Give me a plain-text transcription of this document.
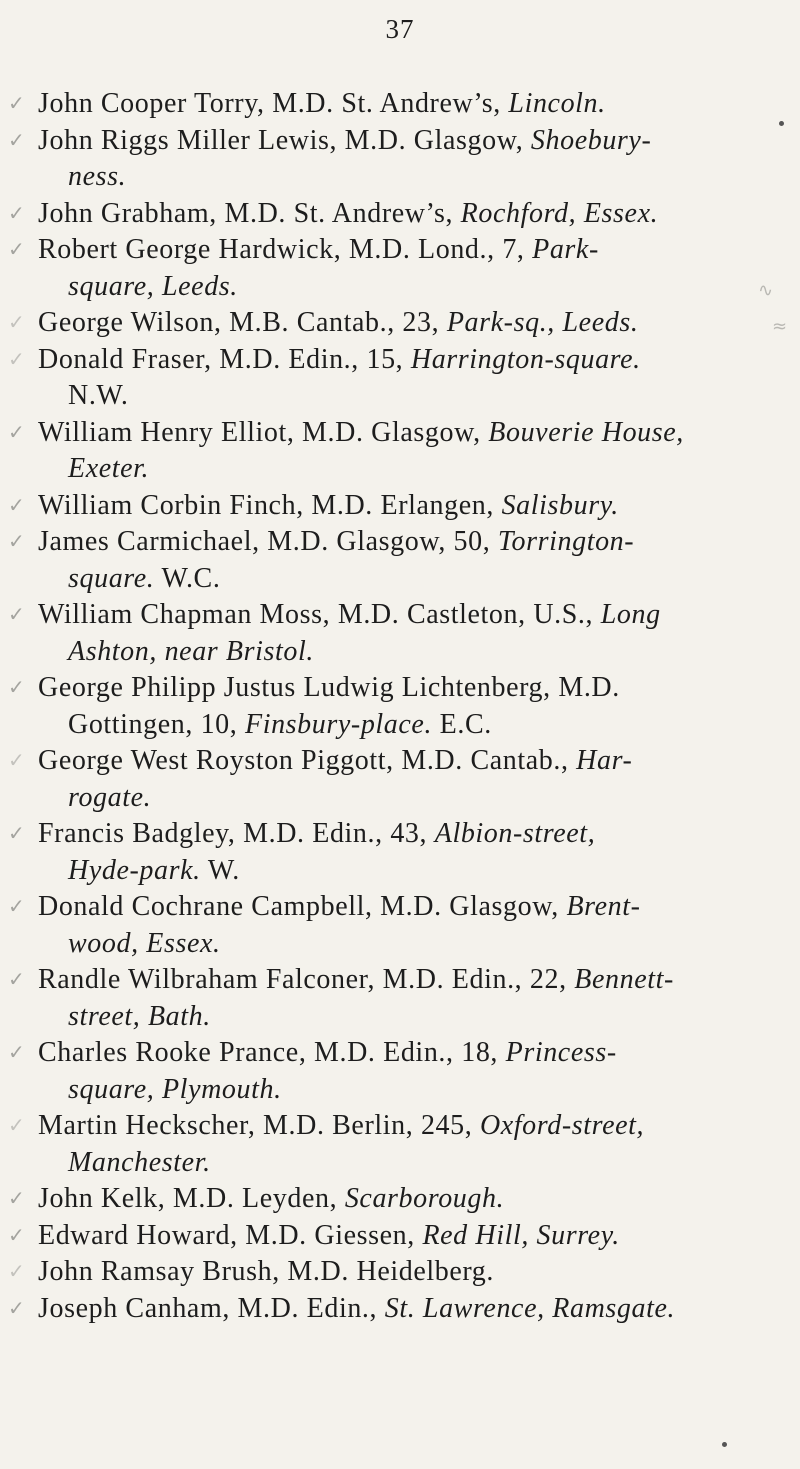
37
✓ John Cooper Torry, M.D. St. Andrew’s, Lincoln.
✓ John Riggs Miller Lewis, M.D. Glasgow, Shoebury-
ness.
✓ John Grabham, M.D. St. Andrew’s, Rochford, Essex.
✓ Robert George Hardwick, M.D. Lond., 7, Park-
square, Leeds.
✓ George Wilson, M.B. Cantab., 23, Park-sq., Leeds.
✓ Donald Fraser, M.D. Edin., 15, Harrington-square.
N.W.
✓ William Henry Elliot, M.D. Glasgow, Bouverie House,
Exeter.
✓ William Corbin Finch, M.D. Erlangen, Salisbury.
✓ James Carmichael, M.D. Glasgow, 50, Torrington-
square. W.C.
✓ William Chapman Moss, M.D. Castleton, U.S., Long
Ashton, near Bristol.
✓ George Philipp Justus Ludwig Lichtenberg, M.D.
Gottingen, 10, Finsbury-place. E.C.
✓ George West Royston Piggott, M.D. Cantab., Har-
rogate.
✓ Francis Badgley, M.D. Edin., 43, Albion-street,
Hyde-park. W.
✓ Donald Cochrane Campbell, M.D. Glasgow, Brent-
wood, Essex.
✓ Randle Wilbraham Falconer, M.D. Edin., 22, Bennett-
street, Bath.
✓ Charles Rooke Prance, M.D. Edin., 18, Princess-
square, Plymouth.
✓ Martin Heckscher, M.D. Berlin, 245, Oxford-street,
Manchester.
✓ John Kelk, M.D. Leyden, Scarborough.
✓ Edward Howard, M.D. Giessen, Red Hill, Surrey.
✓ John Ramsay Brush, M.D. Heidelberg.
✓ Joseph Canham, M.D. Edin., St. Lawrence, Ramsgate.
∿
≈
